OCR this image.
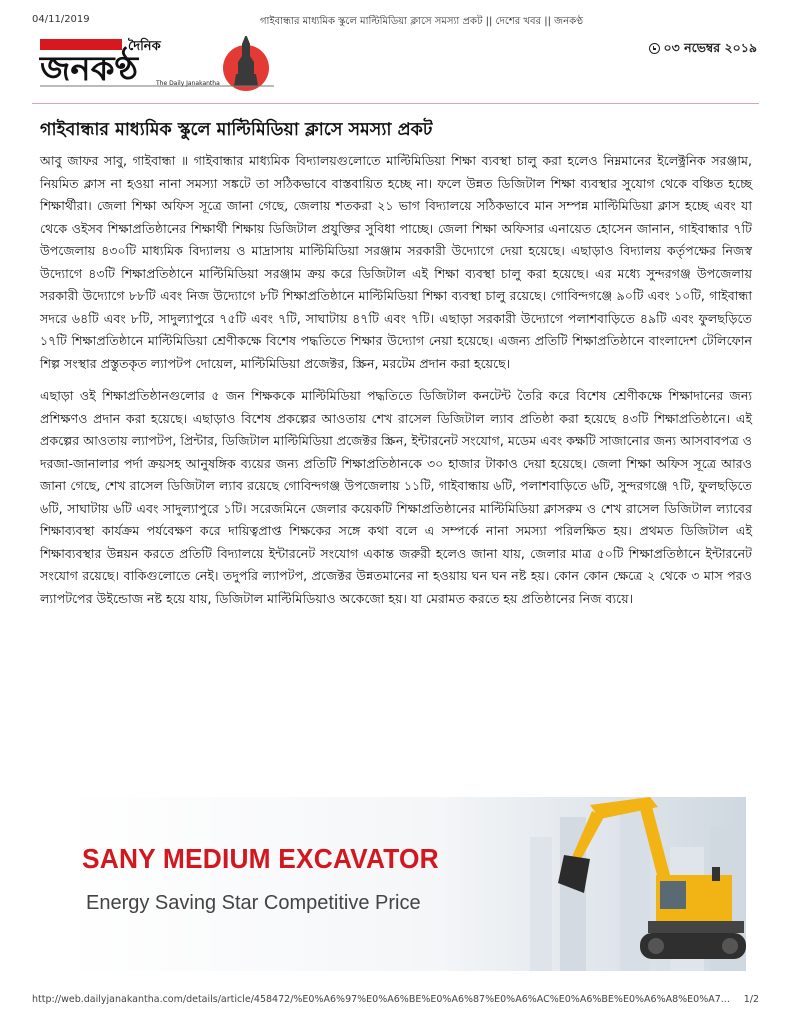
04/11/2019	গাইবান্ধার মাধ্যমিক স্কুলে মাল্টিমিডিয়া ক্লাসে সমস্যা প্রকট || দেশের খবর || জনকণ্ঠ
দৈনিক
জনকণ্ঠ	The Daily Janakantha
০৩ নভেম্বর ২০১৯
গাইবান্ধার মাধ্যমিক স্কুলে মাল্টিমিডিয়া ক্লাসে সমস্যা প্রকট

আবু জাফর সাবু, গাইবান্ধা ॥ গাইবান্ধার মাধ্যমিক বিদ্যালয়গুলোতে মাল্টিমিডিয়া শিক্ষা ব্যবস্থা চালু করা হলেও নিম্নমানের ইলেক্ট্রনিক সরঞ্জাম, নিয়মিত ক্লাস না হওয়া নানা সমস্যা সঙ্কটে তা সঠিকভাবে বাস্তবায়িত হচ্ছে না। ফলে উন্নত ডিজিটাল শিক্ষা ব্যবস্থার সুযোগ থেকে বঞ্চিত হচ্ছে শিক্ষার্থীরা। জেলা শিক্ষা অফিস সূত্রে জানা গেছে, জেলায় শতকরা ২১ ভাগ বিদ্যালয়ে সঠিকভাবে মান সম্পন্ন মাল্টিমিডিয়া ক্লাস হচ্ছে এবং যা থেকে ওইসব শিক্ষাপ্রতিষ্ঠানের শিক্ষার্থী শিক্ষায় ডিজিটাল প্রযুক্তির সুবিধা পাচ্ছে। জেলা শিক্ষা অফিসার এনায়েত হোসেন জানান, গাইবান্ধার ৭টি উপজেলায় ৪৩০টি মাধ্যমিক বিদ্যালয় ও মাদ্রাসায় মাল্টিমিডিয়া সরঞ্জাম সরকারী উদ্যোগে দেয়া হয়েছে। এছাড়াও বিদ্যালয় কর্তৃপক্ষের নিজস্ব উদ্যোগে ৪৩টি শিক্ষাপ্রতিষ্ঠানে মাল্টিমিডিয়া সরঞ্জাম ক্রয় করে ডিজিটাল এই শিক্ষা ব্যবস্থা চালু করা হয়েছে। এর মধ্যে সুন্দরগঞ্জ উপজেলায় সরকারী উদ্যোগে ৮৮টি এবং নিজ উদ্যোগে ৮টি শিক্ষাপ্রতিষ্ঠানে মাল্টিমিডিয়া শিক্ষা ব্যবস্থা চালু রয়েছে। গোবিন্দগঞ্জে ৯০টি এবং ১০টি, গাইবান্ধা সদরে ৬৪টি এবং ৮টি, সাদুল্যাপুরে ৭৫টি এবং ৭টি, সাঘাটায় ৪৭টি এবং ৭টি। এছাড়া সরকারী উদ্যোগে পলাশবাড়িতে ৪৯টি এবং ফুলছড়িতে ১৭টি শিক্ষাপ্রতিষ্ঠানে মাল্টিমিডিয়া শ্রেণীকক্ষে বিশেষ পদ্ধতিতে শিক্ষার উদ্যোগ নেয়া হয়েছে। এজন্য প্রতিটি শিক্ষাপ্রতিষ্ঠানে বাংলাদেশ টেলিফোন শিল্প সংস্থার প্রস্তুতকৃত ল্যাপটপ দোয়েল, মাল্টিমিডিয়া প্রজেক্টর, স্ক্রিন, মরটেম প্রদান করা হয়েছে।

এছাড়া ওই শিক্ষাপ্রতিষ্ঠানগুলোর ৫ জন শিক্ষককে মাল্টিমিডিয়া পদ্ধতিতে ডিজিটাল কনটেন্ট তৈরি করে বিশেষ শ্রেণীকক্ষে শিক্ষাদানের জন্য প্রশিক্ষণও প্রদান করা হয়েছে। এছাড়াও বিশেষ প্রকল্পের আওতায় শেখ রাসেল ডিজিটাল ল্যাব প্রতিষ্ঠা করা হয়েছে ৪৩টি শিক্ষাপ্রতিষ্ঠানে। এই প্রকল্পের আওতায় ল্যাপটপ, প্রিন্টার, ডিজিটাল মাল্টিমিডিয়া প্রজেক্টর স্ক্রিন, ইন্টারনেট সংযোগ, মডেম এবং কক্ষটি সাজানোর জন্য আসবাবপত্র ও দরজা-জানালার পর্দা ক্রয়সহ আনুষঙ্গিক ব্যয়ের জন্য প্রতিটি শিক্ষাপ্রতিষ্ঠানকে ৩০ হাজার টাকাও দেয়া হয়েছে। জেলা শিক্ষা অফিস সূত্রে আরও জানা গেছে, শেখ রাসেল ডিজিটাল ল্যাব রয়েছে গোবিন্দগঞ্জ উপজেলায় ১১টি, গাইবান্ধায় ৬টি, পলাশবাড়িতে ৬টি, সুন্দরগঞ্জে ৭টি, ফুলছড়িতে ৬টি, সাঘাটায় ৬টি এবং সাদুল্যাপুরে ১টি। সরেজমিনে জেলার কয়েকটি শিক্ষাপ্রতিষ্ঠানের মাল্টিমিডিয়া ক্লাসরুম ও শেখ রাসেল ডিজিটাল ল্যাবের শিক্ষাব্যবস্থা কার্যক্রম পর্যবেক্ষণ করে দায়িত্বপ্রাপ্ত শিক্ষকের সঙ্গে কথা বলে এ সম্পর্কে নানা সমস্যা পরিলক্ষিত হয়। প্রথমত ডিজিটাল এই শিক্ষাব্যবস্থার উন্নয়ন করতে প্রতিটি বিদ্যালয়ে ইন্টারনেট সংযোগ একান্ত জরুরী হলেও জানা যায়, জেলার মাত্র ৫০টি শিক্ষাপ্রতিষ্ঠানে ইন্টারনেট সংযোগ রয়েছে। বাকিগুলোতে নেই। তদুপরি ল্যাপটপ, প্রজেক্টর উন্নতমানের না হওয়ায় ঘন ঘন নষ্ট হয়। কোন কোন ক্ষেত্রে ২ থেকে ৩ মাস পরও ল্যাপটপের উইন্ডোজ নষ্ট হয়ে যায়, ডিজিটাল মাল্টিমিডিয়াও অকেজো হয়। যা মেরামত করতে হয় প্রতিষ্ঠানের নিজ ব্যয়ে।

SANY MEDIUM EXCAVATOR
Energy Saving Star Competitive Price
http://web.dailyjanakantha.com/details/article/458472/%E0%A6%97%E0%A6%BE%E0%A6%87%E0%A6%AC%E0%A6%BE%E0%A6%A8%E0%A7... 1/2
